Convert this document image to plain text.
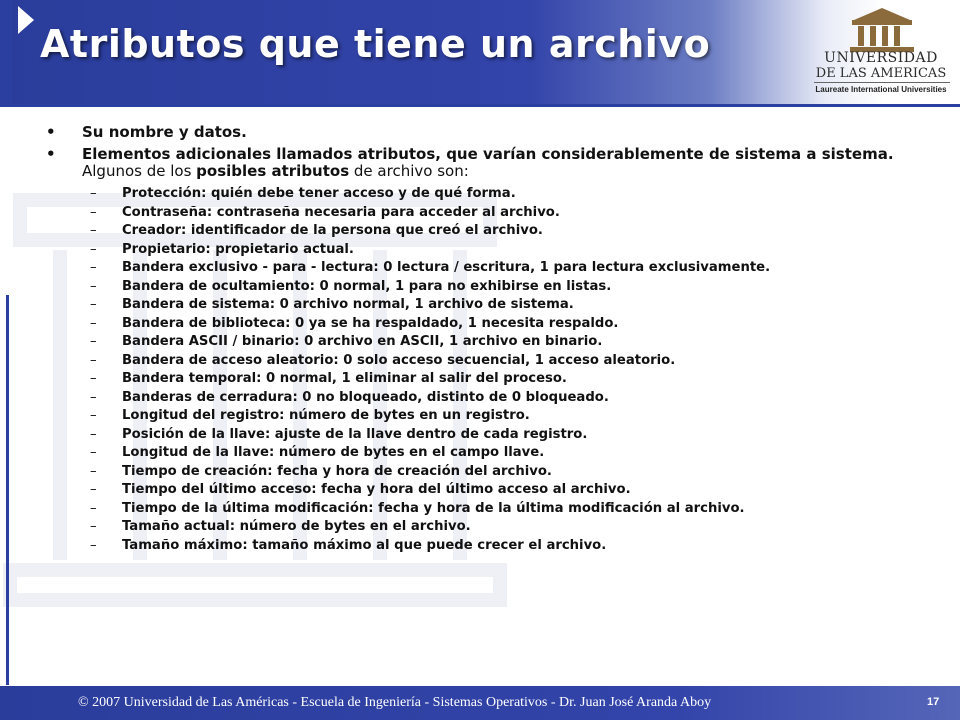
Atributos que tiene un archivo	UNIVERSIDAD
DE LAS AMERICAS
Laureate International Universities
• Su nombre y datos.
• Elementos adicionales llamados atributos, que varían considerablemente de sistema a sistema. Algunos de los posibles atributos de archivo son:
– Protección: quién debe tener acceso y de qué forma.
– Contraseña: contraseña necesaria para acceder al archivo.
– Creador: identificador de la persona que creó el archivo.
– Propietario: propietario actual.
– Bandera exclusivo - para - lectura: 0 lectura / escritura, 1 para lectura exclusivamente.
– Bandera de ocultamiento: 0 normal, 1 para no exhibirse en listas.
– Bandera de sistema: 0 archivo normal, 1 archivo de sistema.
– Bandera de biblioteca: 0 ya se ha respaldado, 1 necesita respaldo.
– Bandera ASCII / binario: 0 archivo en ASCII, 1 archivo en binario.
– Bandera de acceso aleatorio: 0 solo acceso secuencial, 1 acceso aleatorio.
– Bandera temporal: 0 normal, 1 eliminar al salir del proceso.
– Banderas de cerradura: 0 no bloqueado, distinto de 0 bloqueado.
– Longitud del registro: número de bytes en un registro.
– Posición de la llave: ajuste de la llave dentro de cada registro.
– Longitud de la llave: número de bytes en el campo llave.
– Tiempo de creación: fecha y hora de creación del archivo.
– Tiempo del último acceso: fecha y hora del último acceso al archivo.
– Tiempo de la última modificación: fecha y hora de la última modificación al archivo.
– Tamaño actual: número de bytes en el archivo.
– Tamaño máximo: tamaño máximo al que puede crecer el archivo.
© 2007 Universidad de Las Américas - Escuela de Ingeniería - Sistemas Operativos - Dr. Juan José Aranda Aboy	17
